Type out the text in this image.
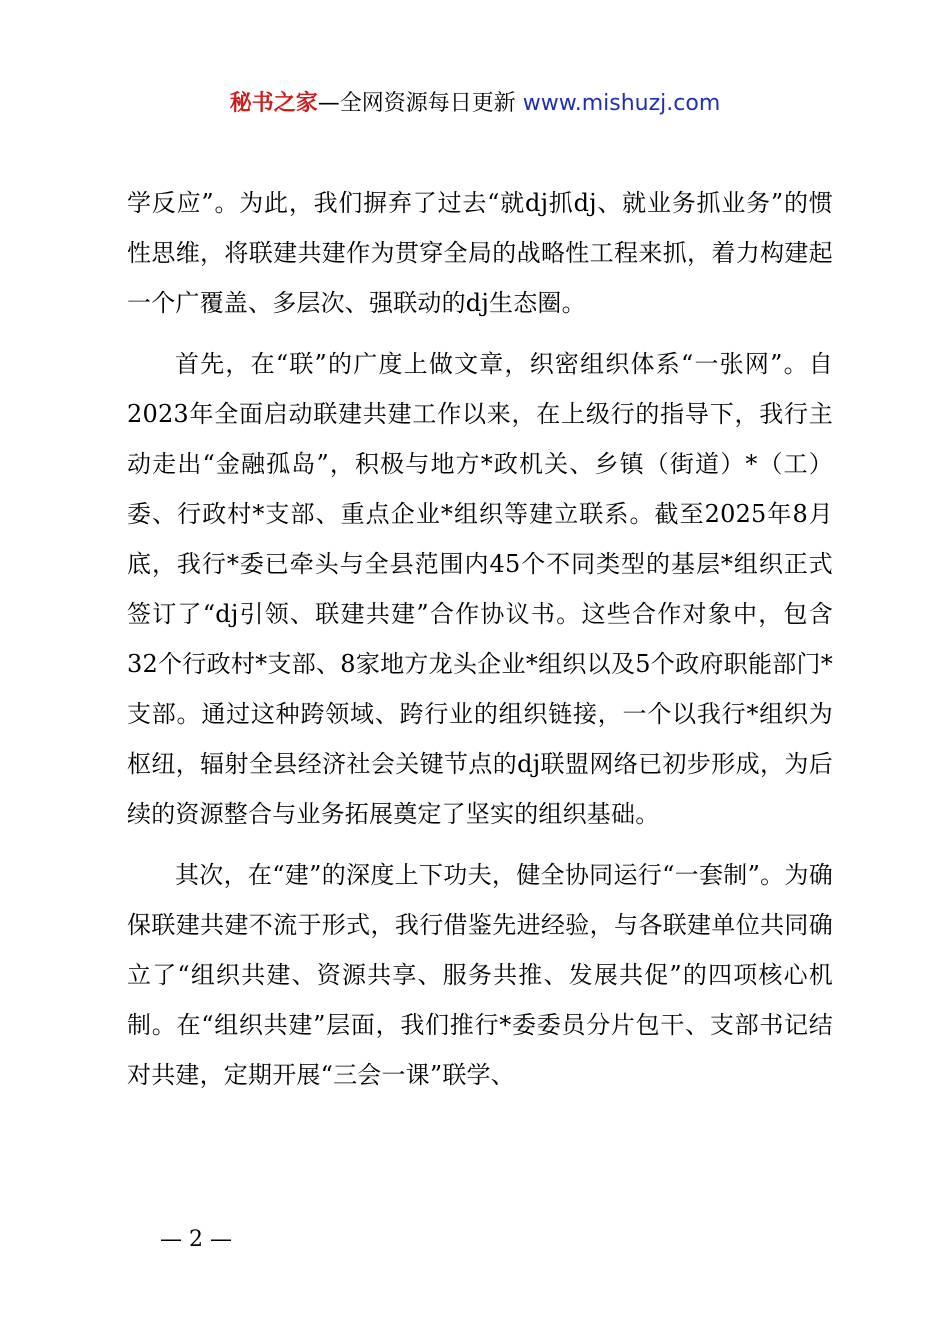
秘书之家—全网资源每日更新 www.mishuzj.com

学反应”。为此，我们摒弃了过去“就dj抓dj、就业务抓业务”的惯性思维，将联建共建作为贯穿全局的战略性工程来抓，着力构建起一个广覆盖、多层次、强联动的dj生态圈。

首先，在“联”的广度上做文章，织密组织体系“一张网”。自2023年全面启动联建共建工作以来，在上级行的指导下，我行主动走出“金融孤岛”，积极与地方*政机关、乡镇（街道）*（工）委、行政村*支部、重点企业*组织等建立联系。截至2025年8月底，我行*委已牵头与全县范围内45个不同类型的基层*组织正式签订了“dj引领、联建共建”合作协议书。这些合作对象中，包含32个行政村*支部、8家地方龙头企业*组织以及5个政府职能部门*支部。通过这种跨领域、跨行业的组织链接，一个以我行*组织为枢纽，辐射全县经济社会关键节点的dj联盟网络已初步形成，为后续的资源整合与业务拓展奠定了坚实的组织基础。

其次，在“建”的深度上下功夫，健全协同运行“一套制”。为确保联建共建不流于形式，我行借鉴先进经验，与各联建单位共同确立了“组织共建、资源共享、服务共推、发展共促”的四项核心机制。在“组织共建”层面，我们推行*委委员分片包干、支部书记结对共建，定期开展“三会一课”联学、

— 2 —
